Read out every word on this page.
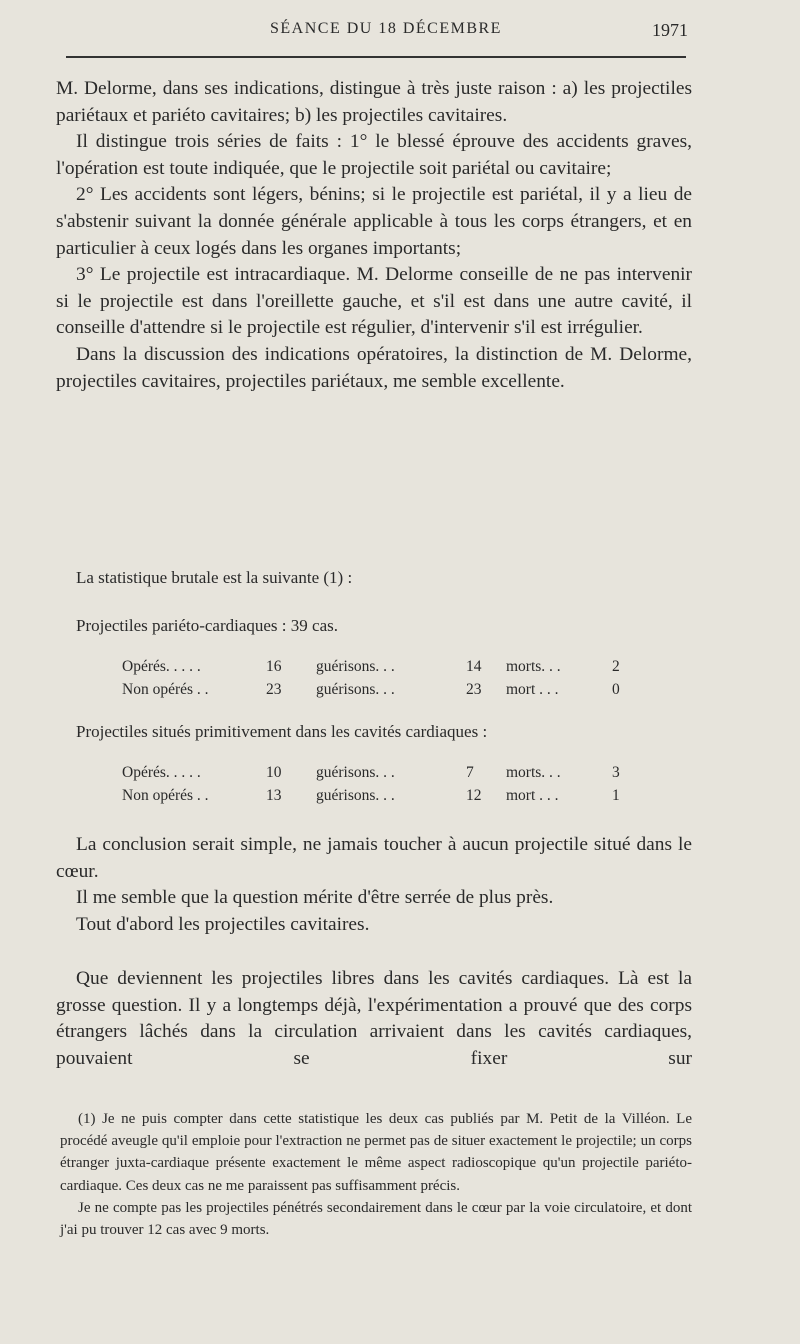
SÉANCE DU 18 DÉCEMBRE	1971

M. Delorme, dans ses indications, distingue à très juste raison : a) les projectiles pariétaux et pariéto cavitaires; b) les projectiles cavitaires.

Il distingue trois séries de faits : 1° le blessé éprouve des accidents graves, l'opération est toute indiquée, que le projectile soit pariétal ou cavitaire;

2° Les accidents sont légers, bénins; si le projectile est pariétal, il y a lieu de s'abstenir suivant la donnée générale applicable à tous les corps étrangers, et en particulier à ceux logés dans les organes importants;

3° Le projectile est intracardiaque. M. Delorme conseille de ne pas intervenir si le projectile est dans l'oreillette gauche, et s'il est dans une autre cavité, il conseille d'attendre si le projectile est régulier, d'intervenir s'il est irrégulier.

Dans la discussion des indications opératoires, la distinction de M. Delorme, projectiles cavitaires, projectiles pariétaux, me semble excellente.

La statistique brutale est la suivante (1) :
Projectiles pariéto-cardiaques : 39 cas.
Opérés. . . . .	16 guérisons. . .	14 morts. . .	2
Non opérés . .	23 guérisons. . .	23 mort . . .	0
Projectiles situés primitivement dans les cavités cardiaques :
Opérés. . . . .	10 guérisons. . .	7 morts. . .	3
Non opérés . .	13 guérisons. . .	12 mort . . .	1

La conclusion serait simple, ne jamais toucher à aucun projectile situé dans le cœur.

Il me semble que la question mérite d'être serrée de plus près.

Tout d'abord les projectiles cavitaires.

Que deviennent les projectiles libres dans les cavités cardiaques. Là est la grosse question. Il y a longtemps déjà, l'expérimentation a prouvé que des corps étrangers lâchés dans la circulation arrivaient dans les cavités cardiaques, pouvaient se fixer sur

(1) Je ne puis compter dans cette statistique les deux cas publiés par M. Petit de la Villéon. Le procédé aveugle qu'il emploie pour l'extraction ne permet pas de situer exactement le projectile; un corps étranger juxta-cardiaque présente exactement le même aspect radioscopique qu'un projectile pariéto-cardiaque. Ces deux cas ne me paraissent pas suffisamment précis.

Je ne compte pas les projectiles pénétrés secondairement dans le cœur par la voie circulatoire, et dont j'ai pu trouver 12 cas avec 9 morts.
